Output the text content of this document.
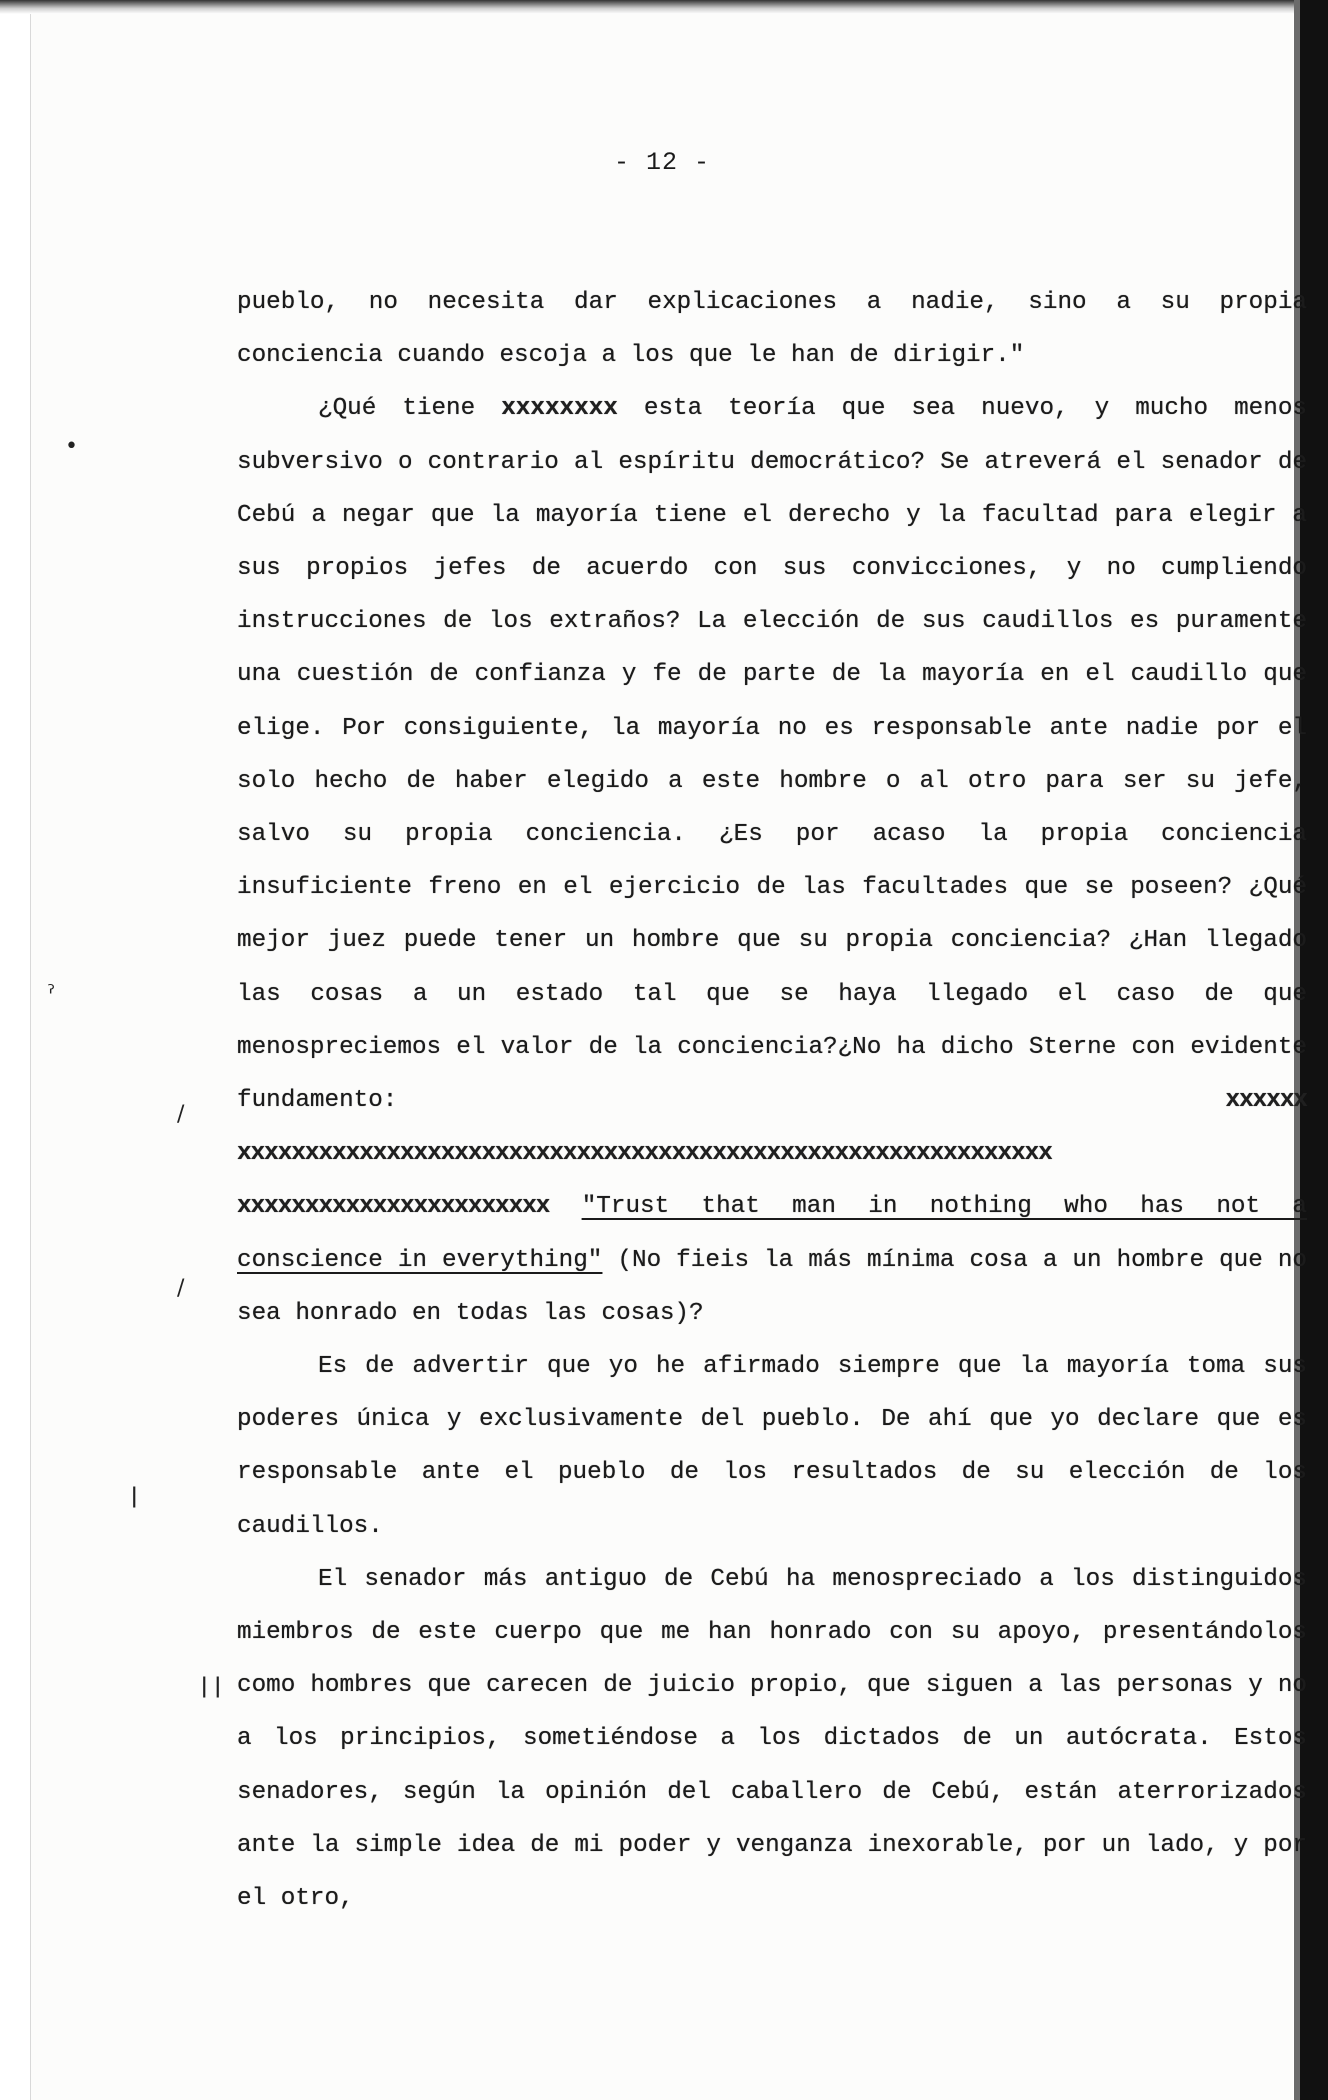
- 12 -

pueblo, no necesita dar explicaciones a nadie, sino a su propia conciencia cuando escoja a los que le han de dirigir."

¿Qué tiene xxxxxxxx esta teoría que sea nuevo, y mucho menos subversivo o contrario al espíritu democrático? Se atreverá el senador de Cebú a negar que la mayoría tiene el derecho y la facultad para elegir a sus propios jefes de acuerdo con sus convicciones, y no cumpliendo instrucciones de los extraños? La elección de sus caudillos es puramente una cuestión de confianza y fe de parte de la mayoría en el caudillo que elige. Por consiguiente, la mayoría no es responsable ante nadie por el solo hecho de haber elegido a este hombre o al otro para ser su jefe, salvo su propia conciencia. ¿Es por acaso la propia conciencia insuficiente freno en el ejercicio de las facultades que se poseen? ¿Qué mejor juez puede tener un hombre que su propia conciencia? ¿Han llegado las cosas a un estado tal que se haya llegado el caso de que menospreciemos el valor de la conciencia?¿No ha dicho Sterne con evidente fundamento: xxxxxx xxxxxxxxxxxxxxxxxxxxxxxxxxxxxxxxxxxxxxxxxxxxxxxxxxxxxxxxxxxx xxxxxxxxxxxxxxxxxxxxxxx "Trust that man in nothing who has not a conscience in everything" (No fieis la más mínima cosa a un hombre que no sea honrado en todas las cosas)?

Es de advertir que yo he afirmado siempre que la mayoría toma sus poderes única y exclusivamente del pueblo. De ahí que yo declare que es responsable ante el pueblo de los resultados de su elección de los caudillos.

El senador más antiguo de Cebú ha menospreciado a los distinguidos miembros de este cuerpo que me han honrado con su apoyo, presentándolos como hombres que carecen de juicio propio, que siguen a las personas y no a los principios, sometiéndose a los dictados de un autócrata. Estos senadores, según la opinión del caballero de Cebú, están aterrorizados ante la simple idea de mi poder y venganza inexorable, por un lado, y por el otro,

•
ˀ
/
/
ǀ
ǀ ǀ
